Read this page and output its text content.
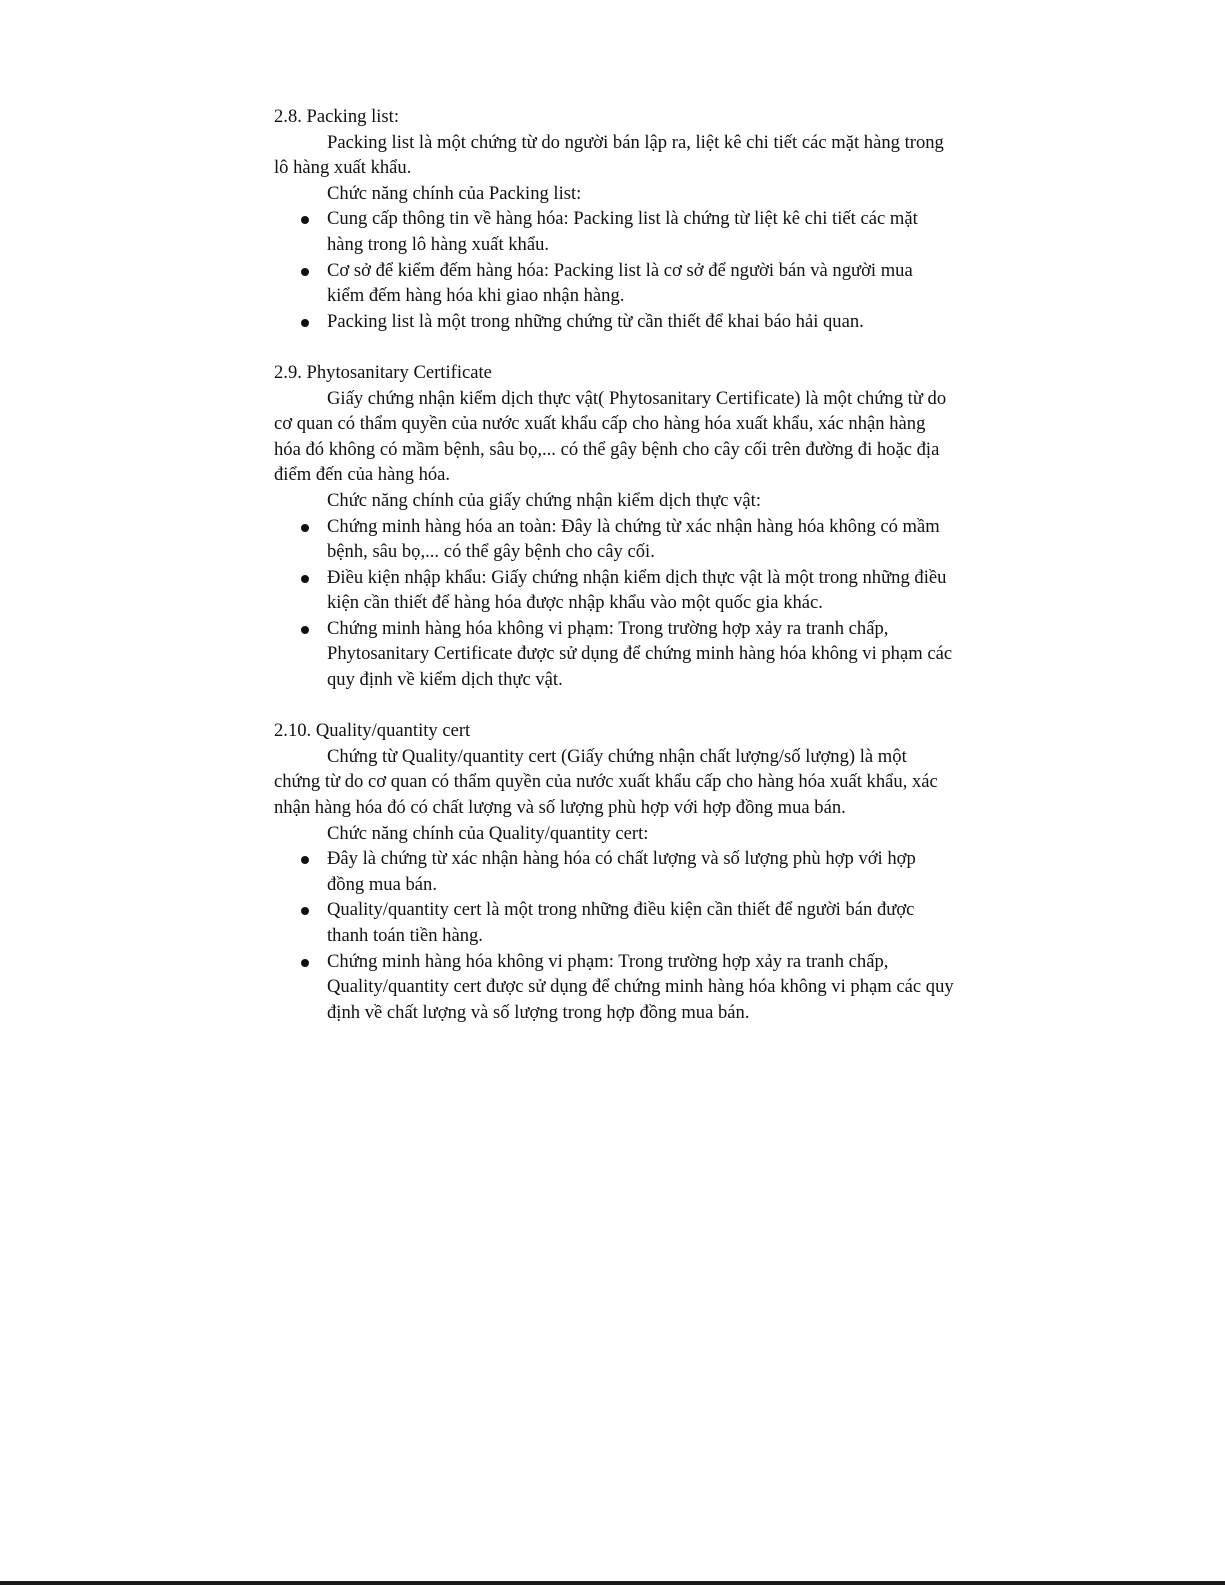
2.8. Packing list:

Packing list là một chứng từ do người bán lập ra, liệt kê chi tiết các mặt hàng trong lô hàng xuất khẩu.

Chức năng chính của Packing list:

Cung cấp thông tin về hàng hóa: Packing list là chứng từ liệt kê chi tiết các mặt hàng trong lô hàng xuất khẩu.
Cơ sở để kiểm đếm hàng hóa: Packing list là cơ sở để người bán và người mua kiểm đếm hàng hóa khi giao nhận hàng.
Packing list là một trong những chứng từ cần thiết để khai báo hải quan.

2.9. Phytosanitary Certificate

Giấy chứng nhận kiểm dịch thực vật( Phytosanitary Certificate) là một chứng từ do cơ quan có thẩm quyền của nước xuất khẩu cấp cho hàng hóa xuất khẩu, xác nhận hàng hóa đó không có mầm bệnh, sâu bọ,... có thể gây bệnh cho cây cối trên đường đi hoặc địa điểm đến của hàng hóa.

Chức năng chính của giấy chứng nhận kiểm dịch thực vật:

Chứng minh hàng hóa an toàn: Đây là chứng từ xác nhận hàng hóa không có mầm bệnh, sâu bọ,... có thể gây bệnh cho cây cối.
Điều kiện nhập khẩu: Giấy chứng nhận kiểm dịch thực vật là một trong những điều kiện cần thiết để hàng hóa được nhập khẩu vào một quốc gia khác.
Chứng minh hàng hóa không vi phạm: Trong trường hợp xảy ra tranh chấp, Phytosanitary Certificate được sử dụng để chứng minh hàng hóa không vi phạm các quy định về kiểm dịch thực vật.

2.10. Quality/quantity cert

Chứng từ Quality/quantity cert (Giấy chứng nhận chất lượng/số lượng) là một chứng từ do cơ quan có thẩm quyền của nước xuất khẩu cấp cho hàng hóa xuất khẩu, xác nhận hàng hóa đó có chất lượng và số lượng phù hợp với hợp đồng mua bán.

Chức năng chính của Quality/quantity cert:

Đây là chứng từ xác nhận hàng hóa có chất lượng và số lượng phù hợp với hợp đồng mua bán.
Quality/quantity cert là một trong những điều kiện cần thiết để người bán được thanh toán tiền hàng.
Chứng minh hàng hóa không vi phạm: Trong trường hợp xảy ra tranh chấp, Quality/quantity cert được sử dụng để chứng minh hàng hóa không vi phạm các quy định về chất lượng và số lượng trong hợp đồng mua bán.
